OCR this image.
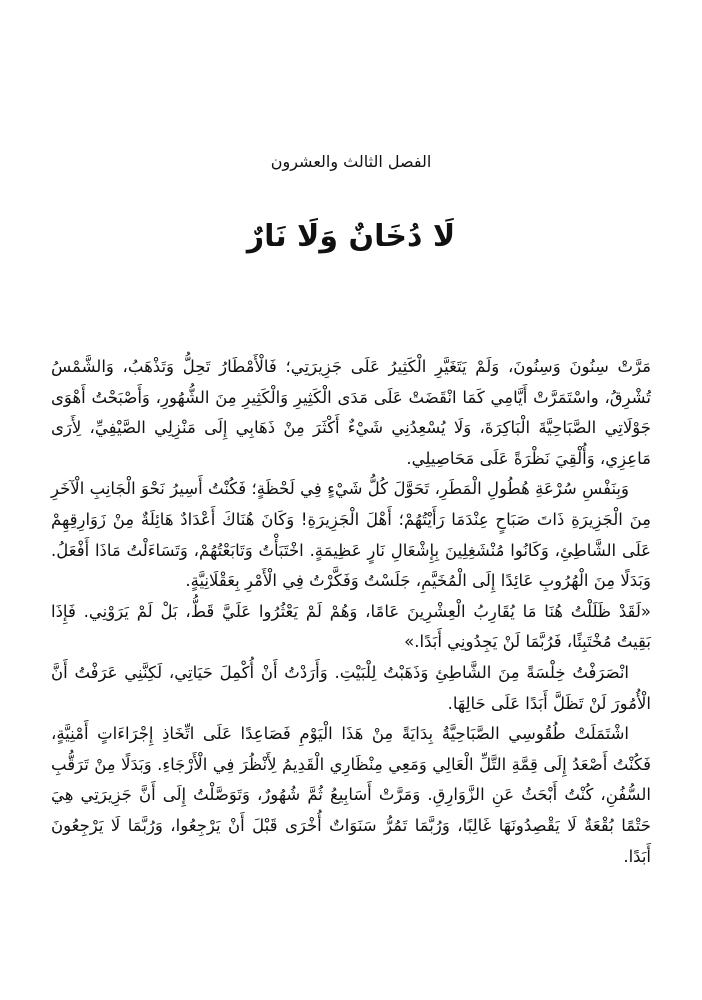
الفصل الثالث والعشرون
لَا دُخَانٌ وَلَا نَارٌ

مَرَّتْ سِنُونَ وَسِنُونَ، وَلَمْ يَتَغَيَّرِ الْكَثِيرُ عَلَى جَزِيرَتِي؛ فَالْأَمْطَارُ تَحِلُّ وَتَذْهَبُ، وَالشَّمْسُ تُشْرِقُ، واسْتَمَرَّتْ أَيَّامِي كَمَا انْقَضَتْ عَلَى مَدَى الْكَثِيرِ وَالْكَثِيرِ مِنَ الشُّهُورِ، وَأَصْبَحْتُ أَهْوَى جَوْلَاتِي الصَّبَاحِيَّةَ الْبَاكِرَةَ، وَلَا يُسْعِدُنِي شَيْءٌ أَكْثَرَ مِنْ ذَهَابِي إِلَى مَنْزِلِي الصَّيْفِيِّ، لِأَرَى مَاعِزِي، وَأُلْقِيَ نَظْرَةً عَلَى مَحَاصِيلِي.

وَبِنَفْسِ سُرْعَةِ هُطُولِ الْمَطَرِ، تَحَوَّلَ كُلُّ شَيْءٍ فِي لَحْظَةٍ؛ فَكُنْتُ أَسِيرُ نَحْوَ الْجَانِبِ الْآخَرِ مِنَ الْجَزِيرَةِ ذَاتَ صَبَاحٍ عِنْدَمَا رَأَيْتُهُمْ؛ أَهْلَ الْجَزِيرَةِ! وَكَانَ هُنَاكَ أَعْدَادٌ هَائِلَةٌ مِنْ زَوَارِقِهِمْ عَلَى الشَّاطِئِ، وَكَانُوا مُنْشَغِلِينَ بِإِشْعَالِ نَارٍ عَظِيمَةٍ. اخْتَبَأْتُ وَتَابَعْتُهُمْ، وَتَسَاءَلْتُ مَاذَا أَفْعَلُ. وَبَدَلًا مِنَ الْهُرُوبِ عَائِدًا إِلَى الْمُخَيَّمِ، جَلَسْتُ وَفَكَّرْتُ فِي الْأَمْرِ بِعَقْلَانِيَّةٍ.

«لَقَدْ ظَلَلْتُ هُنَا مَا يُقَارِبُ الْعِشْرِينَ عَامًا، وَهُمْ لَمْ يَعْثُرُوا عَلَيَّ قَطُّ، بَلْ لَمْ يَرَوْنِي. فَإِذَا بَقِيتُ مُخْتَبِئًا، فَرُبَّمَا لَنْ يَجِدُونِي أَبَدًا.»

انْصَرَفْتُ خِلْسَةً مِنَ الشَّاطِئِ وَذَهَبْتُ لِلْبَيْتِ. وَأَرَدْتُ أَنْ أُكْمِلَ حَيَاتِي، لَكِنَّنِي عَرَفْتُ أَنَّ الْأُمُورَ لَنْ تَظَلَّ أَبَدًا عَلَى حَالِهَا.

اشْتَمَلَتْ طُقُوسِي الصَّبَاحِيَّةُ بِدَايَةً مِنْ هَذَا الْيَوْمِ فَصَاعِدًا عَلَى اتِّخَاذِ إِجْرَاءَاتٍ أَمْنِيَّةٍ، فَكُنْتُ أَصْعَدُ إِلَى قِمَّةِ التَّلِّ الْعَالِي وَمَعِي مِنْظَارِي الْقَدِيمُ لِأَنْظُرَ فِي الْأَرْجَاءِ. وَبَدَلًا مِنْ تَرَقُّبِ السُّفُنِ، كُنْتُ أَبْحَثُ عَنِ الزَّوَارِقِ. وَمَرَّتْ أَسَابِيعُ ثُمَّ شُهُورٌ، وَتَوَصَّلْتُ إِلَى أَنَّ جَزِيرَتِي هِيَ حَتْمًا بُقْعَةٌ لَا يَقْصِدُونَهَا غَالِبًا، وَرُبَّمَا تَمُرُّ سَنَوَاتٌ أُخْرَى قَبْلَ أَنْ يَرْجِعُوا، وَرُبَّمَا لَا يَرْجِعُونَ أَبَدًا.
